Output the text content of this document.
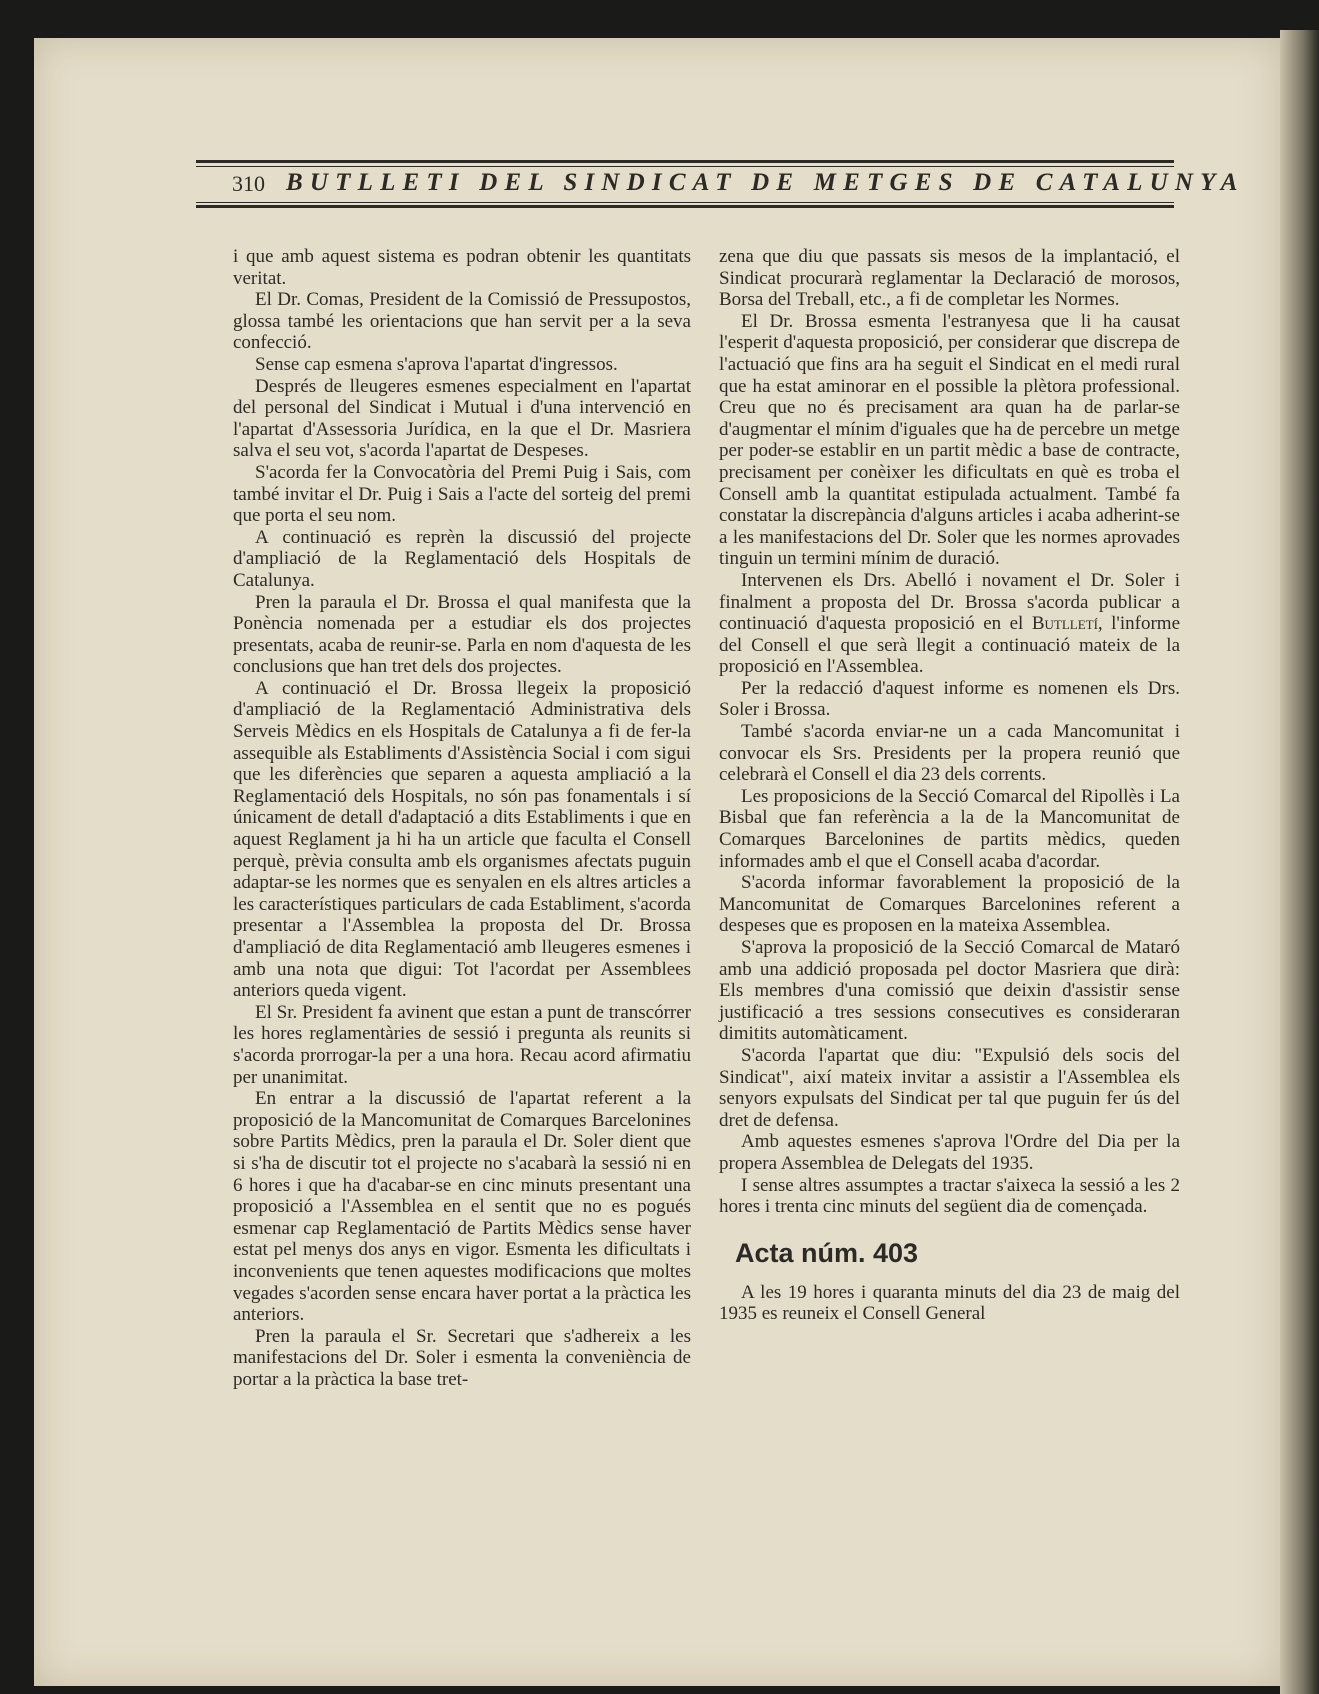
310 BUTLLETI DEL SINDICAT DE METGES DE CATALUNYA

i que amb aquest sistema es podran obtenir les quantitats veritat.

El Dr. Comas, President de la Comissió de Pressupostos, glossa també les orientacions que han servit per a la seva confecció.

Sense cap esmena s'aprova l'apartat d'ingressos.

Després de lleugeres esmenes especialment en l'apartat del personal del Sindicat i Mutual i d'una intervenció en l'apartat d'Assessoria Jurídica, en la que el Dr. Masriera salva el seu vot, s'acorda l'apartat de Despeses.

S'acorda fer la Convocatòria del Premi Puig i Sais, com també invitar el Dr. Puig i Sais a l'acte del sorteig del premi que porta el seu nom.

A continuació es reprèn la discussió del projecte d'ampliació de la Reglamentació dels Hospitals de Catalunya.

Pren la paraula el Dr. Brossa el qual manifesta que la Ponència nomenada per a estudiar els dos projectes presentats, acaba de reunir-se. Parla en nom d'aquesta de les conclusions que han tret dels dos projectes.

A continuació el Dr. Brossa llegeix la proposició d'ampliació de la Reglamentació Administrativa dels Serveis Mèdics en els Hospitals de Catalunya a fi de fer-la assequible als Establiments d'Assistència Social i com sigui que les diferències que separen a aquesta ampliació a la Reglamentació dels Hospitals, no són pas fonamentals i sí únicament de detall d'adaptació a dits Establiments i que en aquest Reglament ja hi ha un article que faculta el Consell perquè, prèvia consulta amb els organismes afectats puguin adaptar-se les normes que es senyalen en els altres articles a les característiques particulars de cada Establiment, s'acorda presentar a l'Assemblea la proposta del Dr. Brossa d'ampliació de dita Reglamentació amb lleugeres esmenes i amb una nota que digui: Tot l'acordat per Assemblees anteriors queda vigent.

El Sr. President fa avinent que estan a punt de transcórrer les hores reglamentàries de sessió i pregunta als reunits si s'acorda prorrogar-la per a una hora. Recau acord afirmatiu per unanimitat.

En entrar a la discussió de l'apartat referent a la proposició de la Mancomunitat de Comarques Barcelonines sobre Partits Mèdics, pren la paraula el Dr. Soler dient que si s'ha de discutir tot el projecte no s'acabarà la sessió ni en 6 hores i que ha d'acabar-se en cinc minuts presentant una proposició a l'Assemblea en el sentit que no es pogués esmenar cap Reglamentació de Partits Mèdics sense haver estat pel menys dos anys en vigor. Esmenta les dificultats i inconvenients que tenen aquestes modificacions que moltes vegades s'acorden sense encara haver portat a la pràctica les anteriors.

Pren la paraula el Sr. Secretari que s'adhereix a les manifestacions del Dr. Soler i esmenta la conveniència de portar a la pràctica la base tret-

zena que diu que passats sis mesos de la implantació, el Sindicat procurarà reglamentar la Declaració de morosos, Borsa del Treball, etc., a fi de completar les Normes.

El Dr. Brossa esmenta l'estranyesa que li ha causat l'esperit d'aquesta proposició, per considerar que discrepa de l'actuació que fins ara ha seguit el Sindicat en el medi rural que ha estat aminorar en el possible la plètora professional. Creu que no és precisament ara quan ha de parlar-se d'augmentar el mínim d'iguales que ha de percebre un metge per poder-se establir en un partit mèdic a base de contracte, precisament per conèixer les dificultats en què es troba el Consell amb la quantitat estipulada actualment. També fa constatar la discrepància d'alguns articles i acaba adherint-se a les manifestacions del Dr. Soler que les normes aprovades tinguin un termini mínim de duració.

Intervenen els Drs. Abelló i novament el Dr. Soler i finalment a proposta del Dr. Brossa s'acorda publicar a continuació d'aquesta proposició en el Butlletí, l'informe del Consell el que serà llegit a continuació mateix de la proposició en l'Assemblea.

Per la redacció d'aquest informe es nomenen els Drs. Soler i Brossa.

També s'acorda enviar-ne un a cada Mancomunitat i convocar els Srs. Presidents per la propera reunió que celebrarà el Consell el dia 23 dels corrents.

Les proposicions de la Secció Comarcal del Ripollès i La Bisbal que fan referència a la de la Mancomunitat de Comarques Barcelonines de partits mèdics, queden informades amb el que el Consell acaba d'acordar.

S'acorda informar favorablement la proposició de la Mancomunitat de Comarques Barcelonines referent a despeses que es proposen en la mateixa Assemblea.

S'aprova la proposició de la Secció Comarcal de Mataró amb una addició proposada pel doctor Masriera que dirà: Els membres d'una comissió que deixin d'assistir sense justificació a tres sessions consecutives es consideraran dimitits automàticament.

S'acorda l'apartat que diu: "Expulsió dels socis del Sindicat", així mateix invitar a assistir a l'Assemblea els senyors expulsats del Sindicat per tal que puguin fer ús del dret de defensa.

Amb aquestes esmenes s'aprova l'Ordre del Dia per la propera Assemblea de Delegats del 1935.

I sense altres assumptes a tractar s'aixeca la sessió a les 2 hores i trenta cinc minuts del següent dia de començada.

Acta núm. 403

A les 19 hores i quaranta minuts del dia 23 de maig del 1935 es reuneix el Consell General
